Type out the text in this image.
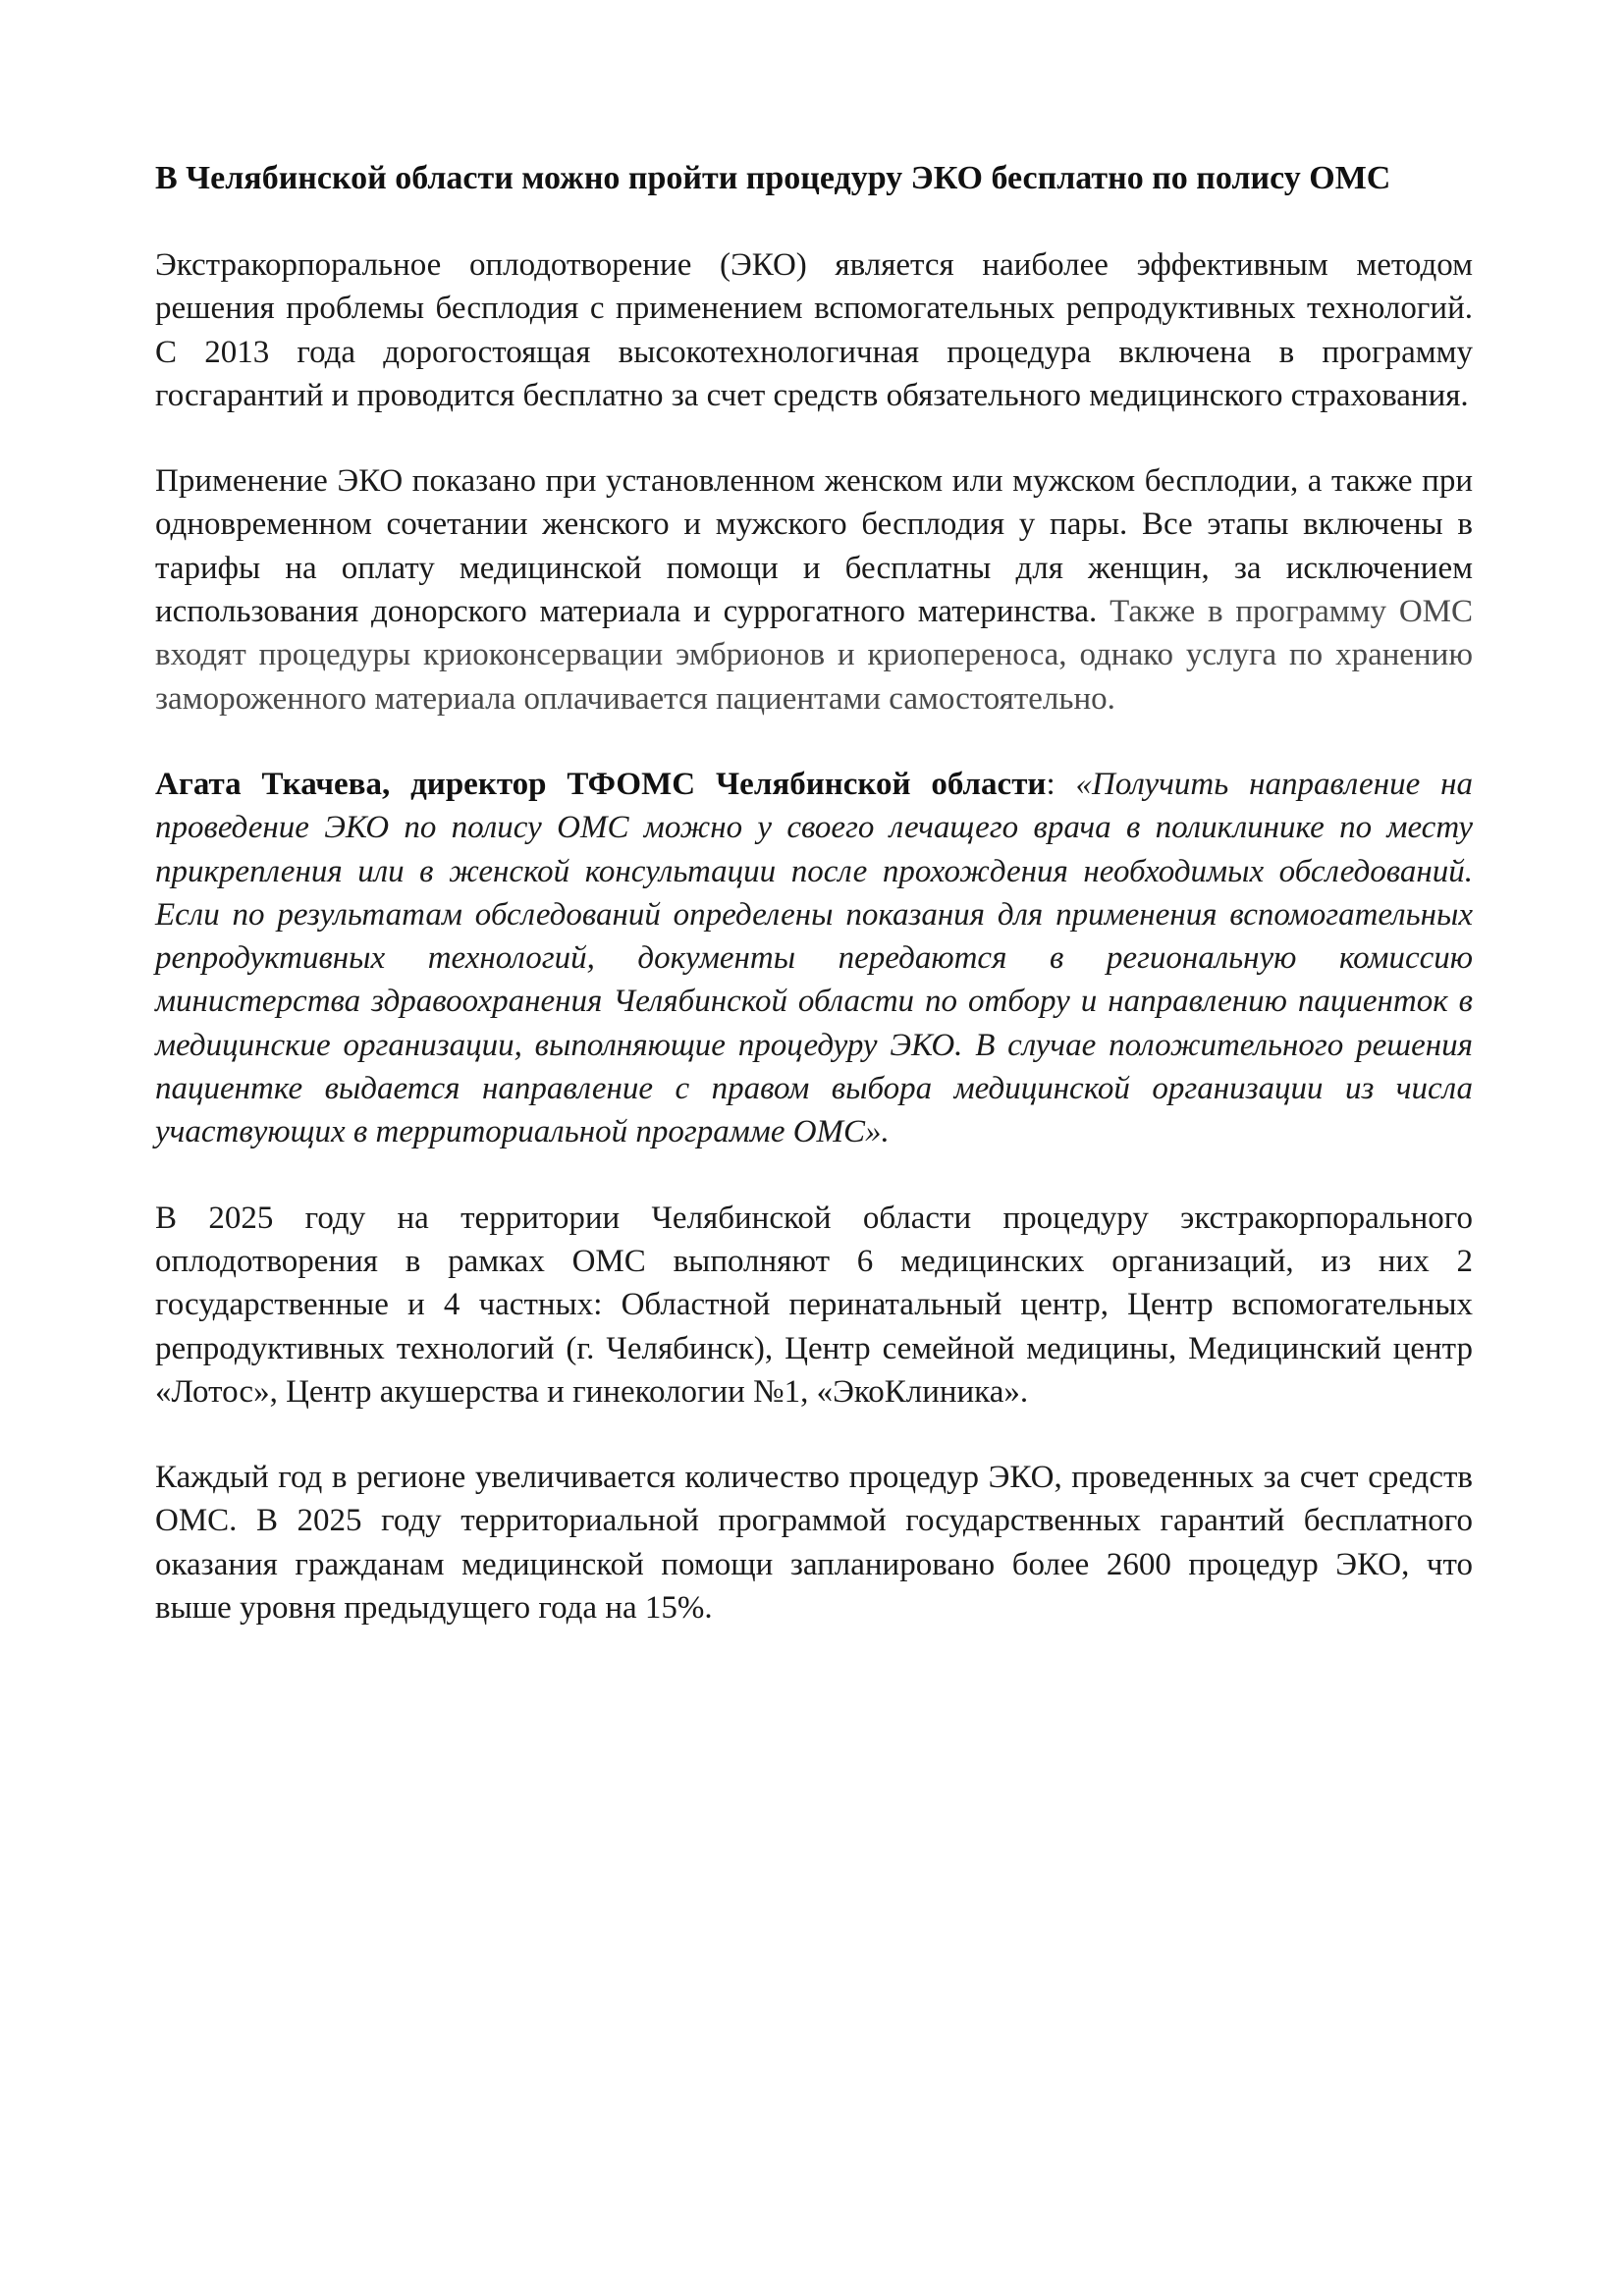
В Челябинской области можно пройти процедуру ЭКО бесплатно по полису ОМС

Экстракорпоральное оплодотворение (ЭКО) является наиболее эффективным методом решения проблемы бесплодия с применением вспомогательных репродуктивных технологий. С 2013 года дорогостоящая высокотехнологичная процедура включена в программу госгарантий и проводится бесплатно за счет средств обязательного медицинского страхования.

Применение ЭКО показано при установленном женском или мужском бесплодии, а также при одновременном сочетании женского и мужского бесплодия у пары. Все этапы включены в тарифы на оплату медицинской помощи и бесплатны для женщин, за исключением использования донорского материала и суррогатного материнства. Также в программу ОМС входят процедуры криоконсервации эмбрионов и криопереноса, однако услуга по хранению замороженного материала оплачивается пациентами самостоятельно.

Агата Ткачева, директор ТФОМС Челябинской области: «Получить направление на проведение ЭКО по полису ОМС можно у своего лечащего врача в поликлинике по месту прикрепления или в женской консультации после прохождения необходимых обследований. Если по результатам обследований определены показания для применения вспомогательных репродуктивных технологий, документы передаются в региональную комиссию министерства здравоохранения Челябинской области по отбору и направлению пациенток в медицинские организации, выполняющие процедуру ЭКО. В случае положительного решения пациентке выдается направление с правом выбора медицинской организации из числа участвующих в территориальной программе ОМС».

В 2025 году на территории Челябинской области процедуру экстракорпорального оплодотворения в рамках ОМС выполняют 6 медицинских организаций, из них 2 государственные и 4 частных: Областной перинатальный центр, Центр вспомогательных репродуктивных технологий (г. Челябинск), Центр семейной медицины, Медицинский центр «Лотос», Центр акушерства и гинекологии №1, «ЭкоКлиника».

Каждый год в регионе увеличивается количество процедур ЭКО, проведенных за счет средств ОМС. В 2025 году территориальной программой государственных гарантий бесплатного оказания гражданам медицинской помощи запланировано более 2600 процедур ЭКО, что выше уровня предыдущего года на 15%.
